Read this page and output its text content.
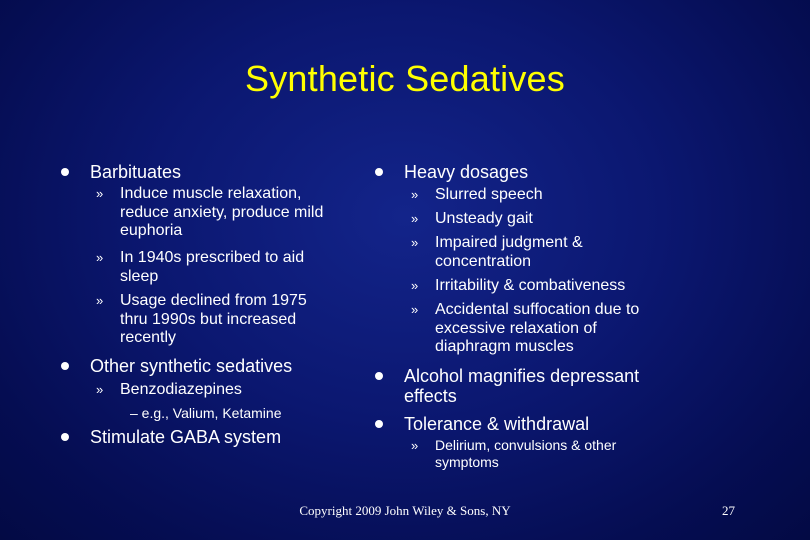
Synthetic Sedatives
Barbituates
» Induce muscle relaxation,
reduce anxiety, produce mild
euphoria
» In 1940s prescribed to aid
sleep
» Usage declined from 1975
thru 1990s but increased
recently
Other synthetic sedatives
» Benzodiazepines
– e.g., Valium, Ketamine
Stimulate GABA system
Heavy dosages
» Slurred speech
» Unsteady gait
» Impaired judgment &
concentration
» Irritability & combativeness
» Accidental suffocation due to
excessive relaxation of
diaphragm muscles
Alcohol magnifies depressant
effects
Tolerance & withdrawal
» Delirium, convulsions & other
symptoms
Copyright 2009 John Wiley & Sons, NY	27
